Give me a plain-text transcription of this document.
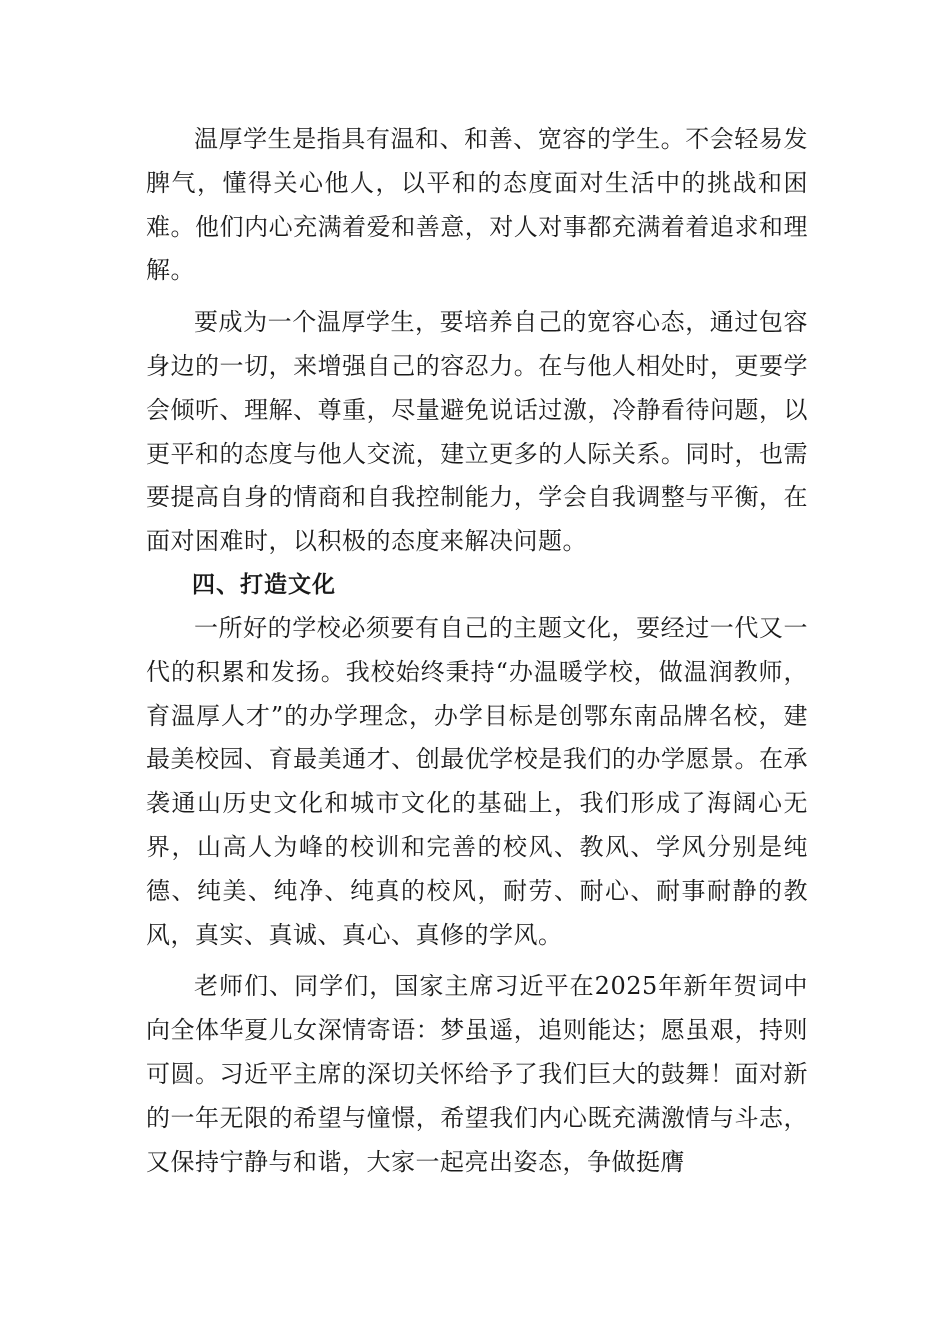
温厚学生是指具有温和、和善、宽容的学生。不会轻易发脾气，懂得关心他人，以平和的态度面对生活中的挑战和困难。他们内心充满着爱和善意，对人对事都充满着着追求和理解。

要成为一个温厚学生，要培养自己的宽容心态，通过包容身边的一切，来增强自己的容忍力。在与他人相处时，更要学会倾听、理解、尊重，尽量避免说话过激，冷静看待问题，以更平和的态度与他人交流，建立更多的人际关系。同时，也需要提高自身的情商和自我控制能力，学会自我调整与平衡，在面对困难时，以积极的态度来解决问题。

四、打造文化

一所好的学校必须要有自己的主题文化，要经过一代又一代的积累和发扬。我校始终秉持“办温暖学校，做温润教师，育温厚人才”的办学理念，办学目标是创鄂东南品牌名校，建最美校园、育最美通才、创最优学校是我们的办学愿景。在承袭通山历史文化和城市文化的基础上，我们形成了海阔心无界，山高人为峰的校训和完善的校风、教风、学风分别是纯德、纯美、纯净、纯真的校风，耐劳、耐心、耐事耐静的教风，真实、真诚、真心、真修的学风。

老师们、同学们，国家主席习近平在2025年新年贺词中向全体华夏儿女深情寄语：梦虽遥，追则能达；愿虽艰，持则可圆。习近平主席的深切关怀给予了我们巨大的鼓舞！面对新的一年无限的希望与憧憬，希望我们内心既充满激情与斗志，又保持宁静与和谐，大家一起亮出姿态，争做挺膺
